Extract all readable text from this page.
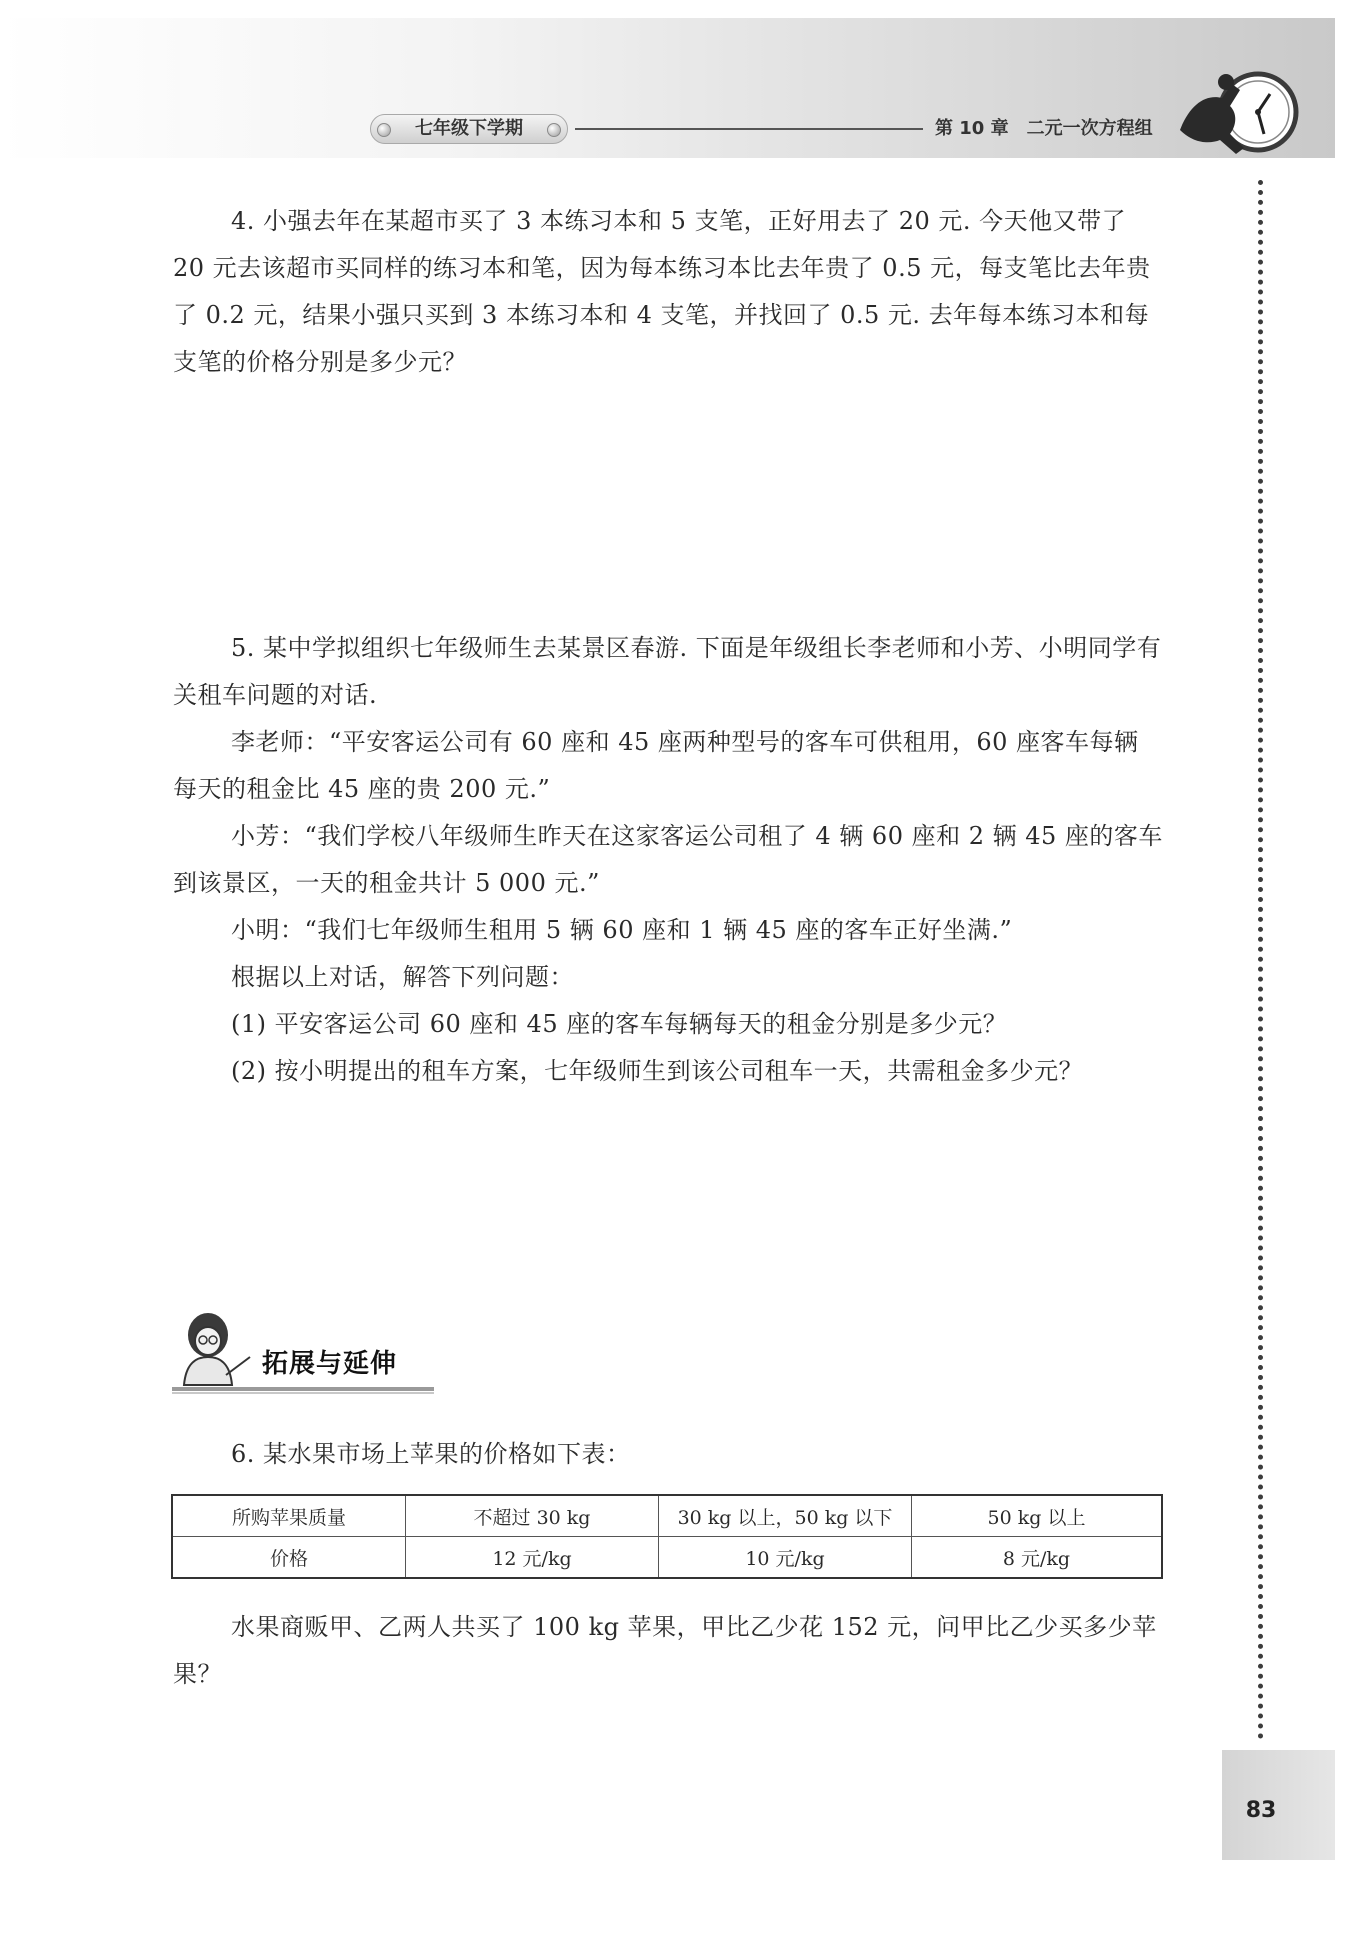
七年级下学期	第 10 章　二元一次方程组
83

4. 小强去年在某超市买了 3 本练习本和 5 支笔，正好用去了 20 元. 今天他又带了 20 元去该超市买同样的练习本和笔，因为每本练习本比去年贵了 0.5 元，每支笔比去年贵了 0.2 元，结果小强只买到 3 本练习本和 4 支笔，并找回了 0.5 元. 去年每本练习本和每支笔的价格分别是多少元？

5. 某中学拟组织七年级师生去某景区春游. 下面是年级组长李老师和小芳、小明同学有关租车问题的对话.

李老师：“平安客运公司有 60 座和 45 座两种型号的客车可供租用，60 座客车每辆每天的租金比 45 座的贵 200 元.”

小芳：“我们学校八年级师生昨天在这家客运公司租了 4 辆 60 座和 2 辆 45 座的客车到该景区，一天的租金共计 5 000 元.”

小明：“我们七年级师生租用 5 辆 60 座和 1 辆 45 座的客车正好坐满.”

根据以上对话，解答下列问题：

(1) 平安客运公司 60 座和 45 座的客车每辆每天的租金分别是多少元？

(2) 按小明提出的租车方案，七年级师生到该公司租车一天，共需租金多少元？

拓展与延伸

6. 某水果市场上苹果的价格如下表：

所购苹果质量	不超过 30 kg	30 kg 以上，50 kg 以下	50 kg 以上
价格	12 元/kg	10 元/kg	8 元/kg

水果商贩甲、乙两人共买了 100 kg 苹果，甲比乙少花 152 元，问甲比乙少买多少苹果？
